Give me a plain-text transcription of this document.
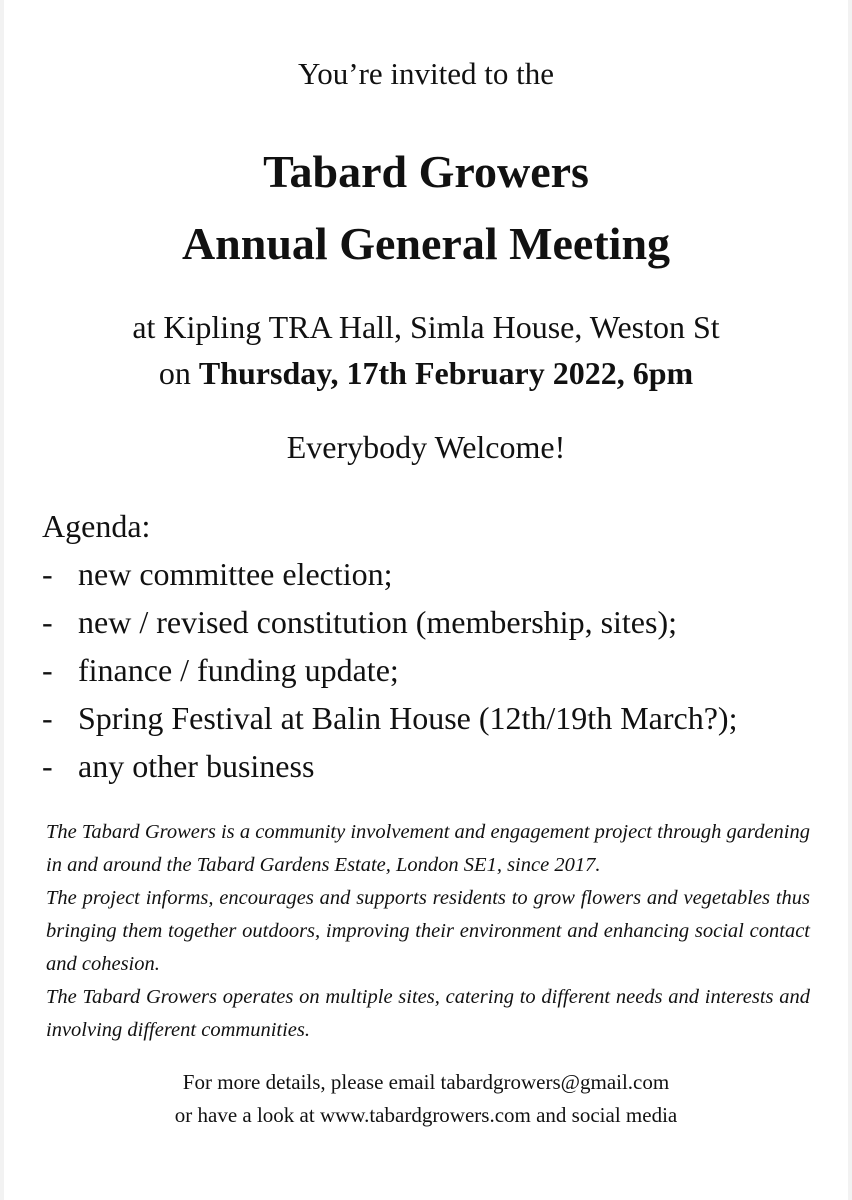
You’re invited to the
Tabard Growers
Annual General Meeting
at Kipling TRA Hall, Simla House, Weston St
on Thursday, 17th February 2022, 6pm
Everybody Welcome!
Agenda:
- new committee election;
- new / revised constitution (membership, sites);
- finance / funding update;
- Spring Festival at Balin House (12th/19th March?);
- any other business

The Tabard Growers is a community involvement and engagement project through gardening in and around the Tabard Gardens Estate, London SE1, since 2017.

The project informs, encourages and supports residents to grow flowers and vegetables thus bringing them together outdoors, improving their environment and enhancing social contact and cohesion.

The Tabard Growers operates on multiple sites, catering to different needs and interests and involving different communities.

For more details, please email tabardgrowers@gmail.com
or have a look at www.tabardgrowers.com and social media
